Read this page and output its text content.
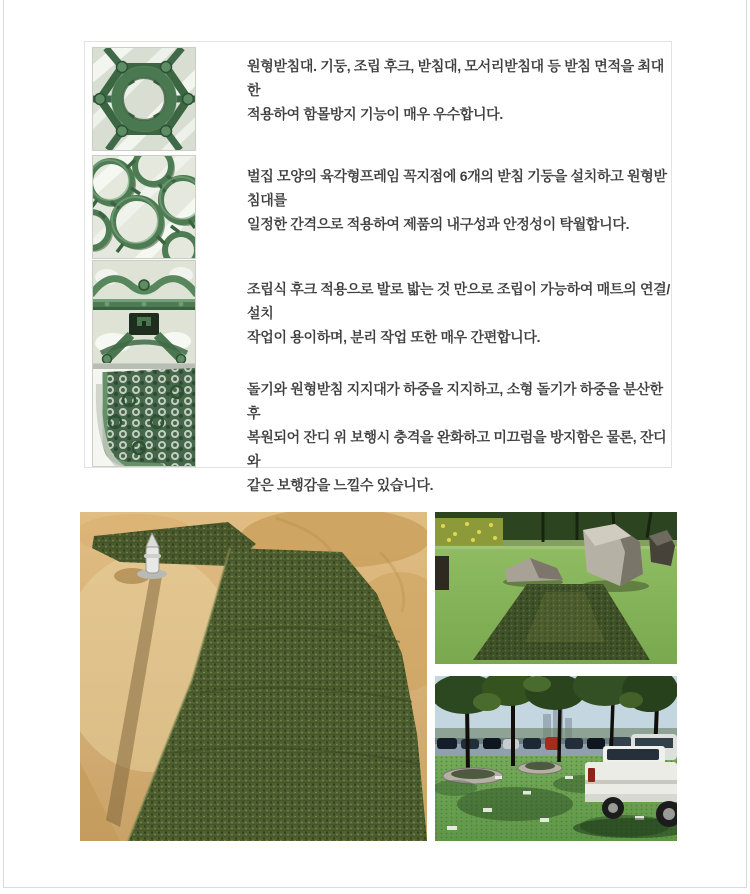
원형받침대. 기둥, 조립 후크, 받침대, 모서리받침대 등 받침 면적을 최대한
적용하여 함몰방지 기능이 매우 우수합니다.
벌집 모양의 육각형프레임 꼭지점에 6개의 받침 기둥을 설치하고 원형받침대를
일정한 간격으로 적용하여 제품의 내구성과 안정성이 탁월합니다.
조립식 후크 적용으로 발로 밟는 것 만으로 조립이 가능하여 매트의 연결/설치
작업이 용이하며, 분리 작업 또한 매우 간편합니다.
돌기와 원형받침 지지대가 하중을 지지하고, 소형 돌기가 하중을 분산한 후
복원되어 잔디 위 보행시 충격을 완화하고 미끄럼을 방지함은 물론, 잔디와
같은 보행감을 느낄수 있습니다.
